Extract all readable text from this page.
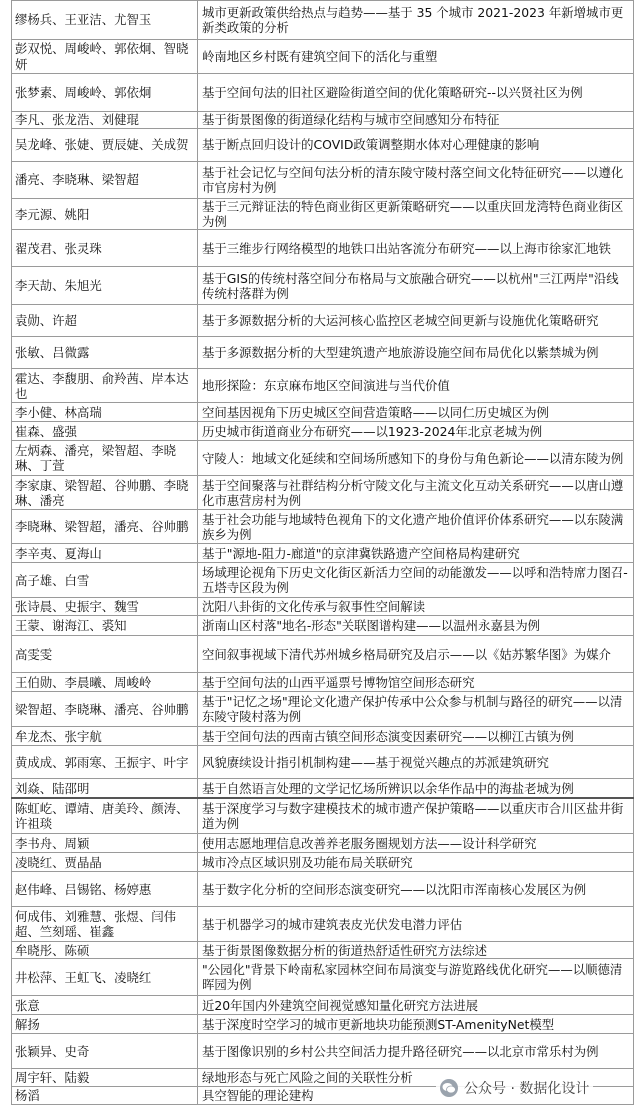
缪杨兵、王亚洁、尤智玉	城市更新政策供给热点与趋势——基于 35 个城市 2021-2023 年新增城市更新类政策的分析
彭双悦、周峻岭、郭依炯、智晓妍	岭南地区乡村既有建筑空间下的活化与重塑
张梦素、周峻岭、郭依炯	基于空间句法的旧社区避险街道空间的优化策略研究--以兴贤社区为例
李凡、张龙浩、刘健琨	基于街景图像的街道绿化结构与城市空间感知分布特征
吴龙峰、张婕、贾辰婕、关成贺	基于断点回归设计的COVID政策调整期水体对心理健康的影响
潘亮、李晓琳、梁智超	基于社会记忆与空间句法分析的清东陵守陵村落空间文化特征研究——以遵化市官房村为例
李元源、姚阳	基于三元辩证法的特色商业街区更新策略研究——以重庆回龙湾特色商业街区为例
翟茂君、张灵珠	基于三维步行网络模型的地铁口出站客流分布研究——以上海市徐家汇地铁
李天劼、朱旭光	基于GIS的传统村落空间分布格局与文旅融合研究——以杭州"三江两岸"沿线传统村落群为例
袁勋、许超	基于多源数据分析的大运河核心监控区老城空间更新与设施优化策略研究
张敏、吕微露	基于多源数据分析的大型建筑遗产地旅游设施空间布局优化以紫禁城为例
霍达、李馥朋、俞羚茜、岸本达也	地形探险：东京麻布地区空间演进与当代价值
李小健、林高瑞	空间基因视角下历史城区空间营造策略——以同仁历史城区为例
崔森、盛强	历史城市街道商业分布研究——以1923-2024年北京老城为例
左炳森、潘亮，梁智超、李晓琳、丁萱	守陵人：地域文化延续和空间场所感知下的身份与角色新论——以清东陵为例
李家康、梁智超、谷帅鹏、李晓琳、潘亮	基于空间聚落与社群结构分析守陵文化与主流文化互动关系研究——以唐山遵化市惠营房村为例
李晓琳、梁智超，潘亮、谷帅鹏	基于社会功能与地域特色视角下的文化遗产地价值评价体系研究——以东陵满族乡为例
李辛夷、夏海山	基于"源地-阻力-廊道"的京津冀铁路遗产空间格局构建研究
高子雄、白雪	场域理论视角下历史文化街区新活力空间的动能激发——以呼和浩特席力图召-五塔寺区段为例
张诗晨、史振宇、魏雪	沈阳八卦街的文化传承与叙事性空间解读
王蒙、谢海江、裘知	浙南山区村落"地名-形态"关联图谱构建——以温州永嘉县为例
高雯雯	空间叙事视域下清代苏州城乡格局研究及启示——以《姑苏繁华图》为媒介
王伯勋、李晨曦、周峻岭	基于空间句法的山西平遥票号博物馆空间形态研究
梁智超、李晓琳、潘亮、谷帅鹏	基于"记忆之场"理论文化遗产保护传承中公众参与机制与路径的研究——以清东陵守陵村落为例
牟龙杰、张宇航	基于空间句法的西南古镇空间形态演变因素研究——以柳江古镇为例
黄成成、郭雨寒、王振宇、叶宇	风貌赓续设计指引机制构建——基于视觉兴趣点的苏派建筑研究
刘焱、陆邵明	基于自然语言处理的文学记忆场所辨识以余华作品中的海盐老城为例
陈虹屹、谭靖、唐美玲、颜涛、许祖琰	基于深度学习与数字建模技术的城市遗产保护策略——以重庆市合川区盐井街道为例
李书舟、周颖	使用志愿地理信息改善养老服务圈规划方法——设计科学研究
凌晓红、贾晶晶	城市冷点区域识别及功能布局关联研究
赵伟峰、吕锡铭、杨婷惠	基于数字化分析的空间形态演变研究——以沈阳市浑南核心发展区为例
何成伟、刘雅慧、张煜、闫伟超、竺刻瑶、崔鑫	基于机器学习的城市建筑表皮光伏发电潜力评估
牟晓彤、陈硕	基于街景图像数据分析的街道热舒适性研究方法综述
井松萍、王虹飞、凌晓红	"公园化"背景下岭南私家园林空间布局演变与游览路线优化研究——以顺德清晖园为例
张意	近20年国内外建筑空间视觉感知量化研究方法进展
解扬	基于深度时空学习的城市更新地块功能预测ST-AmenityNet模型
张颖异、史奇	基于图像识别的乡村公共空间活力提升路径研究——以北京市常乐村为例
周宇轩、陆毅	绿地形态与死亡风险之间的关联性分析
杨滔	具空智能的理论建构	公众号 · 数据化设计
